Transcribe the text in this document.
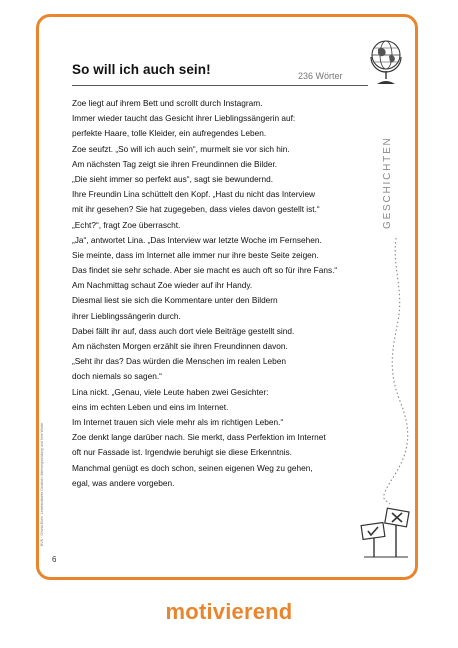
So will ich auch sein!	236 Wörter
Zoe liegt auf ihrem Bett und scrollt durch Instagram.
Immer wieder taucht das Gesicht ihrer Lieblingssängerin auf:
perfekte Haare, tolle Kleider, ein aufregendes Leben.
Zoe seufzt. „So will ich auch sein“, murmelt sie vor sich hin.
Am nächsten Tag zeigt sie ihren Freundinnen die Bilder.
„Die sieht immer so perfekt aus“, sagt sie bewundernd.
Ihre Freundin Lina schüttelt den Kopf. „Hast du nicht das Interview
mit ihr gesehen? Sie hat zugegeben, dass vieles davon gestellt ist.“
„Echt?“, fragt Zoe überrascht.
„Ja“, antwortet Lina. „Das Interview war letzte Woche im Fernsehen.
Sie meinte, dass im Internet alle immer nur ihre beste Seite zeigen.
Das findet sie sehr schade. Aber sie macht es auch oft so für ihre Fans.“
Am Nachmittag schaut Zoe wieder auf ihr Handy.
Diesmal liest sie sich die Kommentare unter den Bildern
ihrer Lieblingssängerin durch.
Dabei fällt ihr auf, dass auch dort viele Beiträge gestellt sind.
Am nächsten Morgen erzählt sie ihren Freundinnen davon.
„Seht ihr das? Das würden die Menschen im realen Leben
doch niemals so sagen.“
Lina nickt. „Genau, viele Leute haben zwei Gesichter:
eins im echten Leben und eins im Internet.
Im Internet trauen sich viele mehr als im richtigen Leben.“
Zoe denkt lange darüber nach. Sie merkt, dass Perfektion im Internet
oft nur Fassade ist. Irgendwie beruhigt sie diese Erkenntnis.
Manchmal genügt es doch schon, seinen eigenen Weg zu gehen,
egal, was andere vorgeben.
GESCHICHTEN
BVK · Gisela Blum: Leselandkarte Deutsch: Meinungsbildung und freie Worte
6
motivierend
